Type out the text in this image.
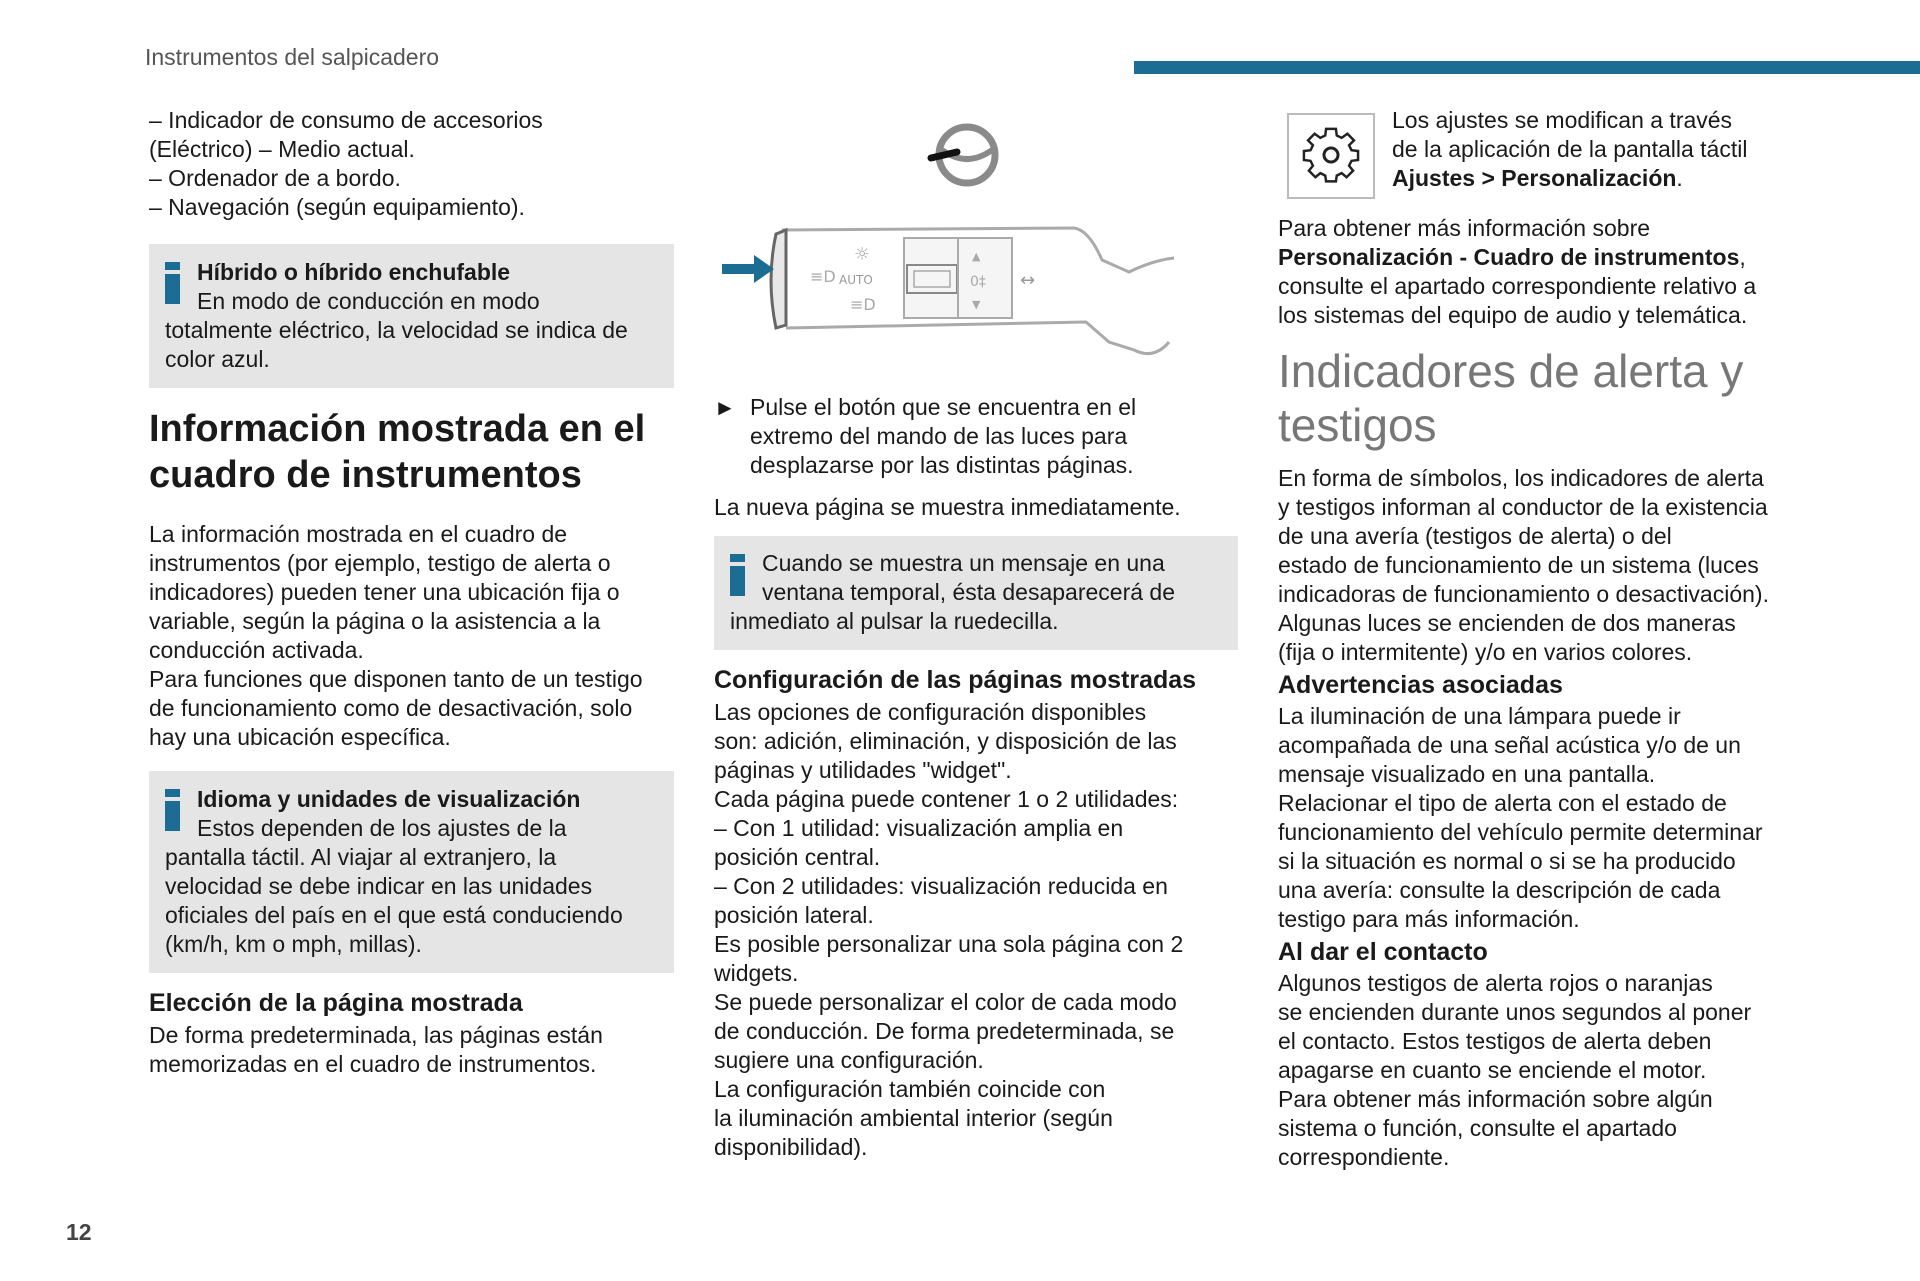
Instrumentos del salpicadero
– Indicador de consumo de accesorios
(Eléctrico) – Medio actual.
– Ordenador de a bordo.
– Navegación (según equipamiento).
Híbrido o híbrido enchufable
En modo de conducción en modo
totalmente eléctrico, la velocidad se indica de
color azul.
Información mostrada en el
cuadro de instrumentos
La información mostrada en el cuadro de
instrumentos (por ejemplo, testigo de alerta o
indicadores) pueden tener una ubicación fija o
variable, según la página o la asistencia a la
conducción activada.
Para funciones que disponen tanto de un testigo
de funcionamiento como de desactivación, solo
hay una ubicación específica.
Idioma y unidades de visualización
Estos dependen de los ajustes de la
pantalla táctil. Al viajar al extranjero, la
velocidad se debe indicar en las unidades
oficiales del país en el que está conduciendo
(km/h, km o mph, millas).
Elección de la página mostrada
De forma predeterminada, las páginas están
memorizadas en el cuadro de instrumentos.
AUTO
≡D
≡D
☼	▲
0‡
▼
↔
► Pulse el botón que se encuentra en el
extremo del mando de las luces para
desplazarse por las distintas páginas.
La nueva página se muestra inmediatamente.
Cuando se muestra un mensaje en una
ventana temporal, ésta desaparecerá de
inmediato al pulsar la ruedecilla.
Configuración de las páginas mostradas
Las opciones de configuración disponibles
son: adición, eliminación, y disposición de las
páginas y utilidades "widget".
Cada página puede contener 1 o 2 utilidades:
– Con 1 utilidad: visualización amplia en
posición central.
– Con 2 utilidades: visualización reducida en
posición lateral.
Es posible personalizar una sola página con 2
widgets.
Se puede personalizar el color de cada modo
de conducción. De forma predeterminada, se
sugiere una configuración.
La configuración también coincide con
la iluminación ambiental interior (según
disponibilidad).
Los ajustes se modifican a través
de la aplicación de la pantalla táctil
Ajustes > Personalización.
Para obtener más información sobre
Personalización - Cuadro de instrumentos,
consulte el apartado correspondiente relativo a
los sistemas del equipo de audio y telemática.
Indicadores de alerta y
testigos
En forma de símbolos, los indicadores de alerta
y testigos informan al conductor de la existencia
de una avería (testigos de alerta) o del
estado de funcionamiento de un sistema (luces
indicadoras de funcionamiento o desactivación).
Algunas luces se encienden de dos maneras
(fija o intermitente) y/o en varios colores.
Advertencias asociadas
La iluminación de una lámpara puede ir
acompañada de una señal acústica y/o de un
mensaje visualizado en una pantalla.
Relacionar el tipo de alerta con el estado de
funcionamiento del vehículo permite determinar
si la situación es normal o si se ha producido
una avería: consulte la descripción de cada
testigo para más información.
Al dar el contacto
Algunos testigos de alerta rojos o naranjas
se encienden durante unos segundos al poner
el contacto. Estos testigos de alerta deben
apagarse en cuanto se enciende el motor.
Para obtener más información sobre algún
sistema o función, consulte el apartado
correspondiente.
12
